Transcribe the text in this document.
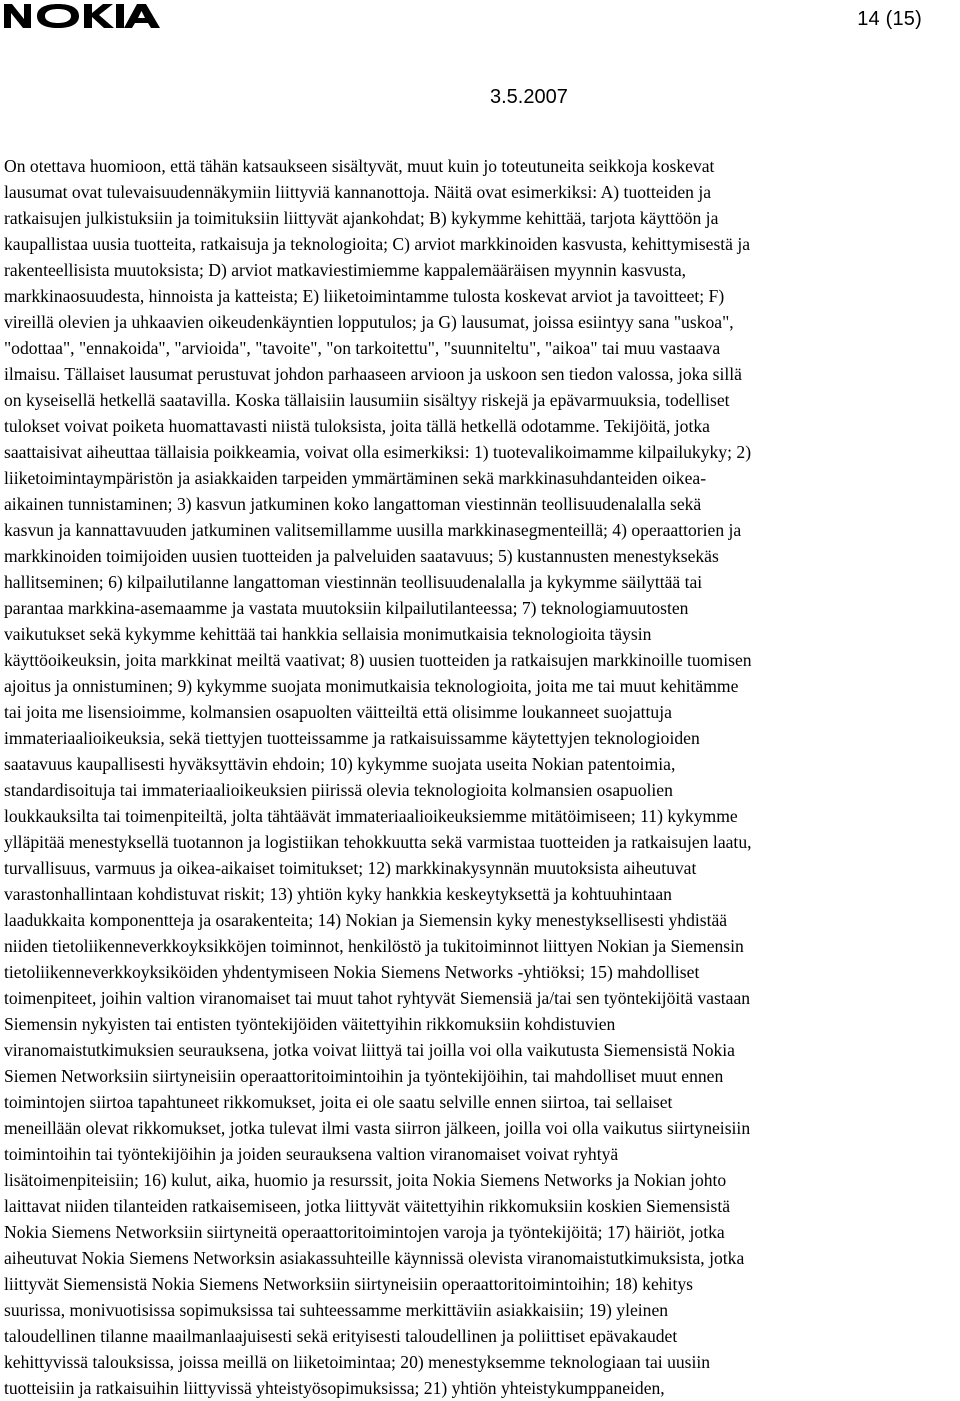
14 (15)
3.5.2007
On otettava huomioon, että tähän katsaukseen sisältyvät, muut kuin jo toteutuneita seikkoja koskevat
lausumat ovat tulevaisuudennäkymiin liittyviä kannanottoja. Näitä ovat esimerkiksi: A) tuotteiden ja
ratkaisujen julkistuksiin ja toimituksiin liittyvät ajankohdat; B) kykymme kehittää, tarjota käyttöön ja
kaupallistaa uusia tuotteita, ratkaisuja ja teknologioita; C) arviot markkinoiden kasvusta, kehittymisestä ja
rakenteellisista muutoksista; D) arviot matkaviestimiemme kappalemääräisen myynnin kasvusta,
markkinaosuudesta, hinnoista ja katteista; E) liiketoimintamme tulosta koskevat arviot ja tavoitteet; F)
vireillä olevien ja uhkaavien oikeudenkäyntien lopputulos; ja G) lausumat, joissa esiintyy sana "uskoa",
"odottaa", "ennakoida", "arvioida", "tavoite", "on tarkoitettu", "suunniteltu", "aikoa" tai muu vastaava
ilmaisu. Tällaiset lausumat perustuvat johdon parhaaseen arvioon ja uskoon sen tiedon valossa, joka sillä
on kyseisellä hetkellä saatavilla. Koska tällaisiin lausumiin sisältyy riskejä ja epävarmuuksia, todelliset
tulokset voivat poiketa huomattavasti niistä tuloksista, joita tällä hetkellä odotamme. Tekijöitä, jotka
saattaisivat aiheuttaa tällaisia poikkeamia, voivat olla esimerkiksi: 1) tuotevalikoimamme kilpailukyky; 2)
liiketoimintaympäristön ja asiakkaiden tarpeiden ymmärtäminen sekä markkinasuhdanteiden oikea-
aikainen tunnistaminen; 3) kasvun jatkuminen koko langattoman viestinnän teollisuudenalalla sekä
kasvun ja kannattavuuden jatkuminen valitsemillamme uusilla markkinasegmenteillä; 4) operaattorien ja
markkinoiden toimijoiden uusien tuotteiden ja palveluiden saatavuus; 5) kustannusten menestyksekäs
hallitseminen; 6) kilpailutilanne langattoman viestinnän teollisuudenalalla ja kykymme säilyttää tai
parantaa markkina-asemaamme ja vastata muutoksiin kilpailutilanteessa; 7) teknologiamuutosten
vaikutukset sekä kykymme kehittää tai hankkia sellaisia monimutkaisia teknologioita täysin
käyttöoikeuksin, joita markkinat meiltä vaativat; 8) uusien tuotteiden ja ratkaisujen markkinoille tuomisen
ajoitus ja onnistuminen; 9) kykymme suojata monimutkaisia teknologioita, joita me tai muut kehitämme
tai joita me lisensioimme, kolmansien osapuolten väitteiltä että olisimme loukanneet suojattuja
immateriaalioikeuksia, sekä tiettyjen tuotteissamme ja ratkaisuissamme käytettyjen teknologioiden
saatavuus kaupallisesti hyväksyttävin ehdoin; 10) kykymme suojata useita Nokian patentoimia,
standardisoituja tai immateriaalioikeuksien piirissä olevia teknologioita kolmansien osapuolien
loukkauksilta tai toimenpiteiltä, jolta tähtäävät immateriaalioikeuksiemme mitätöimiseen; 11) kykymme
ylläpitää menestyksellä tuotannon ja logistiikan tehokkuutta sekä varmistaa tuotteiden ja ratkaisujen laatu,
turvallisuus, varmuus ja oikea-aikaiset toimitukset; 12) markkinakysynnän muutoksista aiheutuvat
varastonhallintaan kohdistuvat riskit; 13) yhtiön kyky hankkia keskeytyksettä ja kohtuuhintaan
laadukkaita komponentteja ja osarakenteita; 14) Nokian ja Siemensin kyky menestyksellisesti yhdistää
niiden tietoliikenneverkkoyksikköjen toiminnot, henkilöstö ja tukitoiminnot liittyen Nokian ja Siemensin
tietoliikenneverkkoyksiköiden yhdentymiseen Nokia Siemens Networks -yhtiöksi; 15) mahdolliset
toimenpiteet, joihin valtion viranomaiset tai muut tahot ryhtyvät Siemensiä ja/tai sen työntekijöitä vastaan
Siemensin nykyisten tai entisten työntekijöiden väitettyihin rikkomuksiin kohdistuvien
viranomaistutkimuksien seurauksena, jotka voivat liittyä tai joilla voi olla vaikutusta Siemensistä Nokia
Siemen Networksiin siirtyneisiin operaattoritoimintoihin ja työntekijöihin, tai mahdolliset muut ennen
toimintojen siirtoa tapahtuneet rikkomukset, joita ei ole saatu selville ennen siirtoa, tai sellaiset
meneillään olevat rikkomukset, jotka tulevat ilmi vasta siirron jälkeen, joilla voi olla vaikutus siirtyneisiin
toimintoihin tai työntekijöihin ja joiden seurauksena valtion viranomaiset voivat ryhtyä
lisätoimenpiteisiin; 16) kulut, aika, huomio ja resurssit, joita Nokia Siemens Networks ja Nokian johto
laittavat niiden tilanteiden ratkaisemiseen, jotka liittyvät väitettyihin rikkomuksiin koskien Siemensistä
Nokia Siemens Networksiin siirtyneitä operaattoritoimintojen varoja ja työntekijöitä; 17) häiriöt, jotka
aiheutuvat Nokia Siemens Networksin asiakassuhteille käynnissä olevista viranomaistutkimuksista, jotka
liittyvät Siemensistä Nokia Siemens Networksiin siirtyneisiin operaattoritoimintoihin; 18) kehitys
suurissa, monivuotisissa sopimuksissa tai suhteessamme merkittäviin asiakkaisiin; 19) yleinen
taloudellinen tilanne maailmanlaajuisesti sekä erityisesti taloudellinen ja poliittiset epävakaudet
kehittyvissä talouksissa, joissa meillä on liiketoimintaa; 20) menestyksemme teknologiaan tai uusiin
tuotteisiin ja ratkaisuihin liittyvissä yhteistyösopimuksissa; 21) yhtiön yhteistykumppaneiden,
